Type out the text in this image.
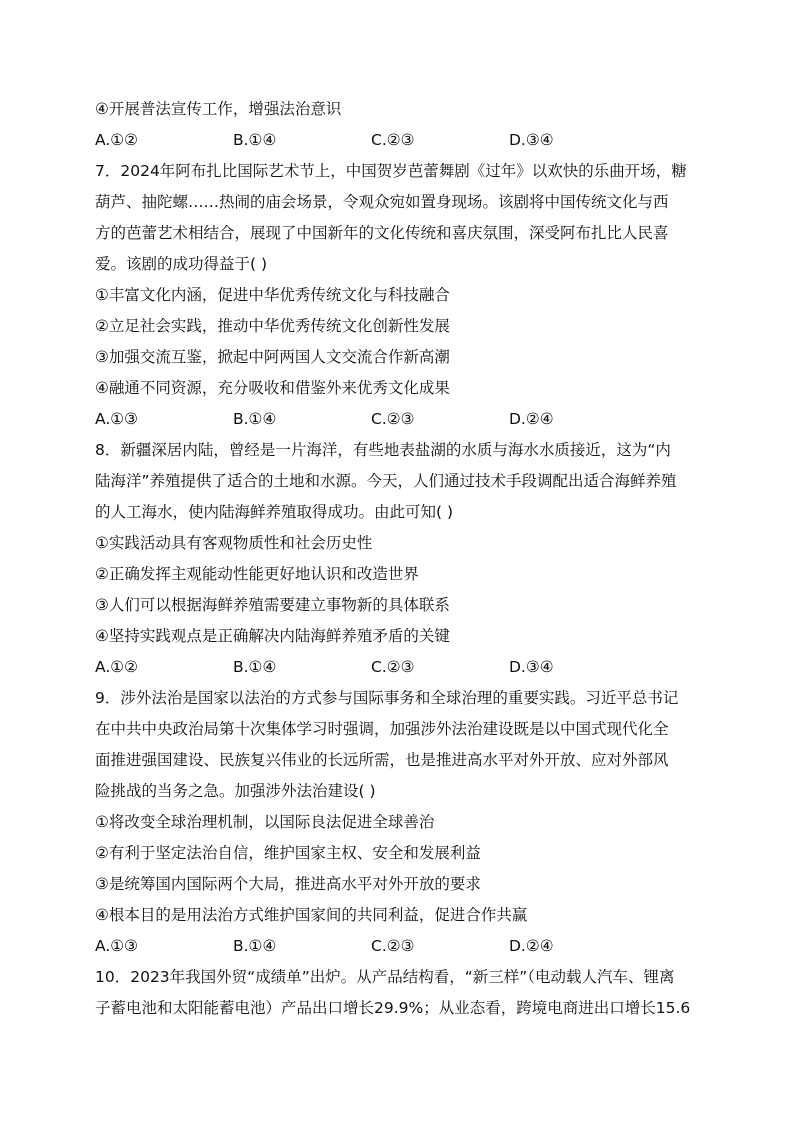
④开展普法宣传工作，增强法治意识
A.①②	B.①④	C.②③	D.③④
7．2024年阿布扎比国际艺术节上，中国贺岁芭蕾舞剧《过年》以欢快的乐曲开场，糖
葫芦、抽陀螺……热闹的庙会场景，令观众宛如置身现场。该剧将中国传统文化与西
方的芭蕾艺术相结合，展现了中国新年的文化传统和喜庆氛围，深受阿布扎比人民喜
爱。该剧的成功得益于( )
①丰富文化内涵，促进中华优秀传统文化与科技融合
②立足社会实践，推动中华优秀传统文化创新性发展
③加强交流互鉴，掀起中阿两国人文交流合作新高潮
④融通不同资源，充分吸收和借鉴外来优秀文化成果
A.①③	B.①④	C.②③	D.②④
8．新疆深居内陆，曾经是一片海洋，有些地表盐湖的水质与海水水质接近，这为“内
陆海洋”养殖提供了适合的土地和水源。今天，人们通过技术手段调配出适合海鲜养殖
的人工海水，使内陆海鲜养殖取得成功。由此可知( )
①实践活动具有客观物质性和社会历史性
②正确发挥主观能动性能更好地认识和改造世界
③人们可以根据海鲜养殖需要建立事物新的具体联系
④坚持实践观点是正确解决内陆海鲜养殖矛盾的关键
A.①②	B.①④	C.②③	D.③④
9．涉外法治是国家以法治的方式参与国际事务和全球治理的重要实践。习近平总书记
在中共中央政治局第十次集体学习时强调，加强涉外法治建设既是以中国式现代化全
面推进强国建设、民族复兴伟业的长远所需，也是推进高水平对外开放、应对外部风
险挑战的当务之急。加强涉外法治建设( )
①将改变全球治理机制，以国际良法促进全球善治
②有利于坚定法治自信，维护国家主权、安全和发展利益
③是统筹国内国际两个大局，推进高水平对外开放的要求
④根本目的是用法治方式维护国家间的共同利益，促进合作共赢
A.①③	B.①④	C.②③	D.②④
10．2023年我国外贸“成绩单”出炉。从产品结构看，“新三样”（电动载人汽车、锂离
子蓄电池和太阳能蓄电池）产品出口增长29.9%；从业态看，跨境电商进出口增长15.6
